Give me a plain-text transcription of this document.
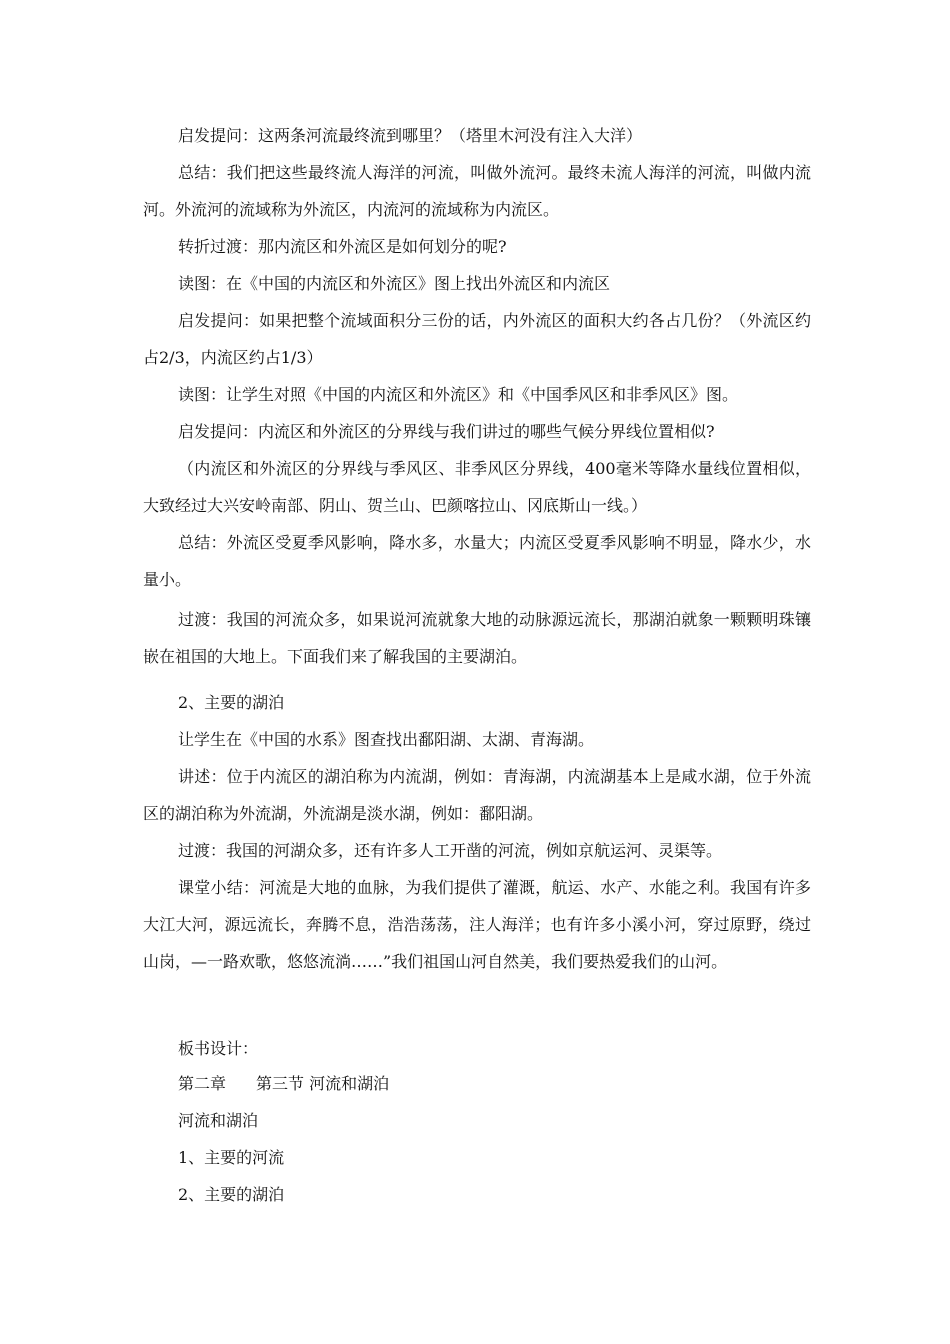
启发提问：这两条河流最终流到哪里？（塔里木河没有注入大洋）

总结：我们把这些最终流人海洋的河流，叫做外流河。最终未流人海洋的河流，叫做内流河。外流河的流域称为外流区，内流河的流域称为内流区。

转折过渡：那内流区和外流区是如何划分的呢?

读图：在《中国的内流区和外流区》图上找出外流区和内流区

启发提问：如果把整个流域面积分三份的话，内外流区的面积大约各占几份？（外流区约占2/3，内流区约占1/3）

读图：让学生对照《中国的内流区和外流区》和《中国季风区和非季风区》图。

启发提问：内流区和外流区的分界线与我们讲过的哪些气候分界线位置相似?

（内流区和外流区的分界线与季风区、非季风区分界线，400毫米等降水量线位置相似，大致经过大兴安岭南部、阴山、贺兰山、巴颜喀拉山、冈底斯山一线。）

总结：外流区受夏季风影响，降水多，水量大；内流区受夏季风影响不明显，降水少，水量小。

过渡：我国的河流众多，如果说河流就象大地的动脉源远流长，那湖泊就象一颗颗明珠镶嵌在祖国的大地上。下面我们来了解我国的主要湖泊。

2、主要的湖泊

让学生在《中国的水系》图查找出鄱阳湖、太湖、青海湖。

讲述：位于内流区的湖泊称为内流湖，例如：青海湖，内流湖基本上是咸水湖，位于外流区的湖泊称为外流湖，外流湖是淡水湖，例如：鄱阳湖。

过渡：我国的河湖众多，还有许多人工开凿的河流，例如京航运河、灵渠等。

课堂小结：河流是大地的血脉，为我们提供了灌溉，航运、水产、水能之利。我国有许多大江大河，源远流长，奔腾不息，浩浩荡荡，注人海洋；也有许多小溪小河，穿过原野，绕过山岗，—一路欢歌，悠悠流淌……”我们祖国山河自然美，我们要热爱我们的山河。

板书设计：

第二章 第三节 河流和湖泊
河流和湖泊
1、主要的河流
2、主要的湖泊
